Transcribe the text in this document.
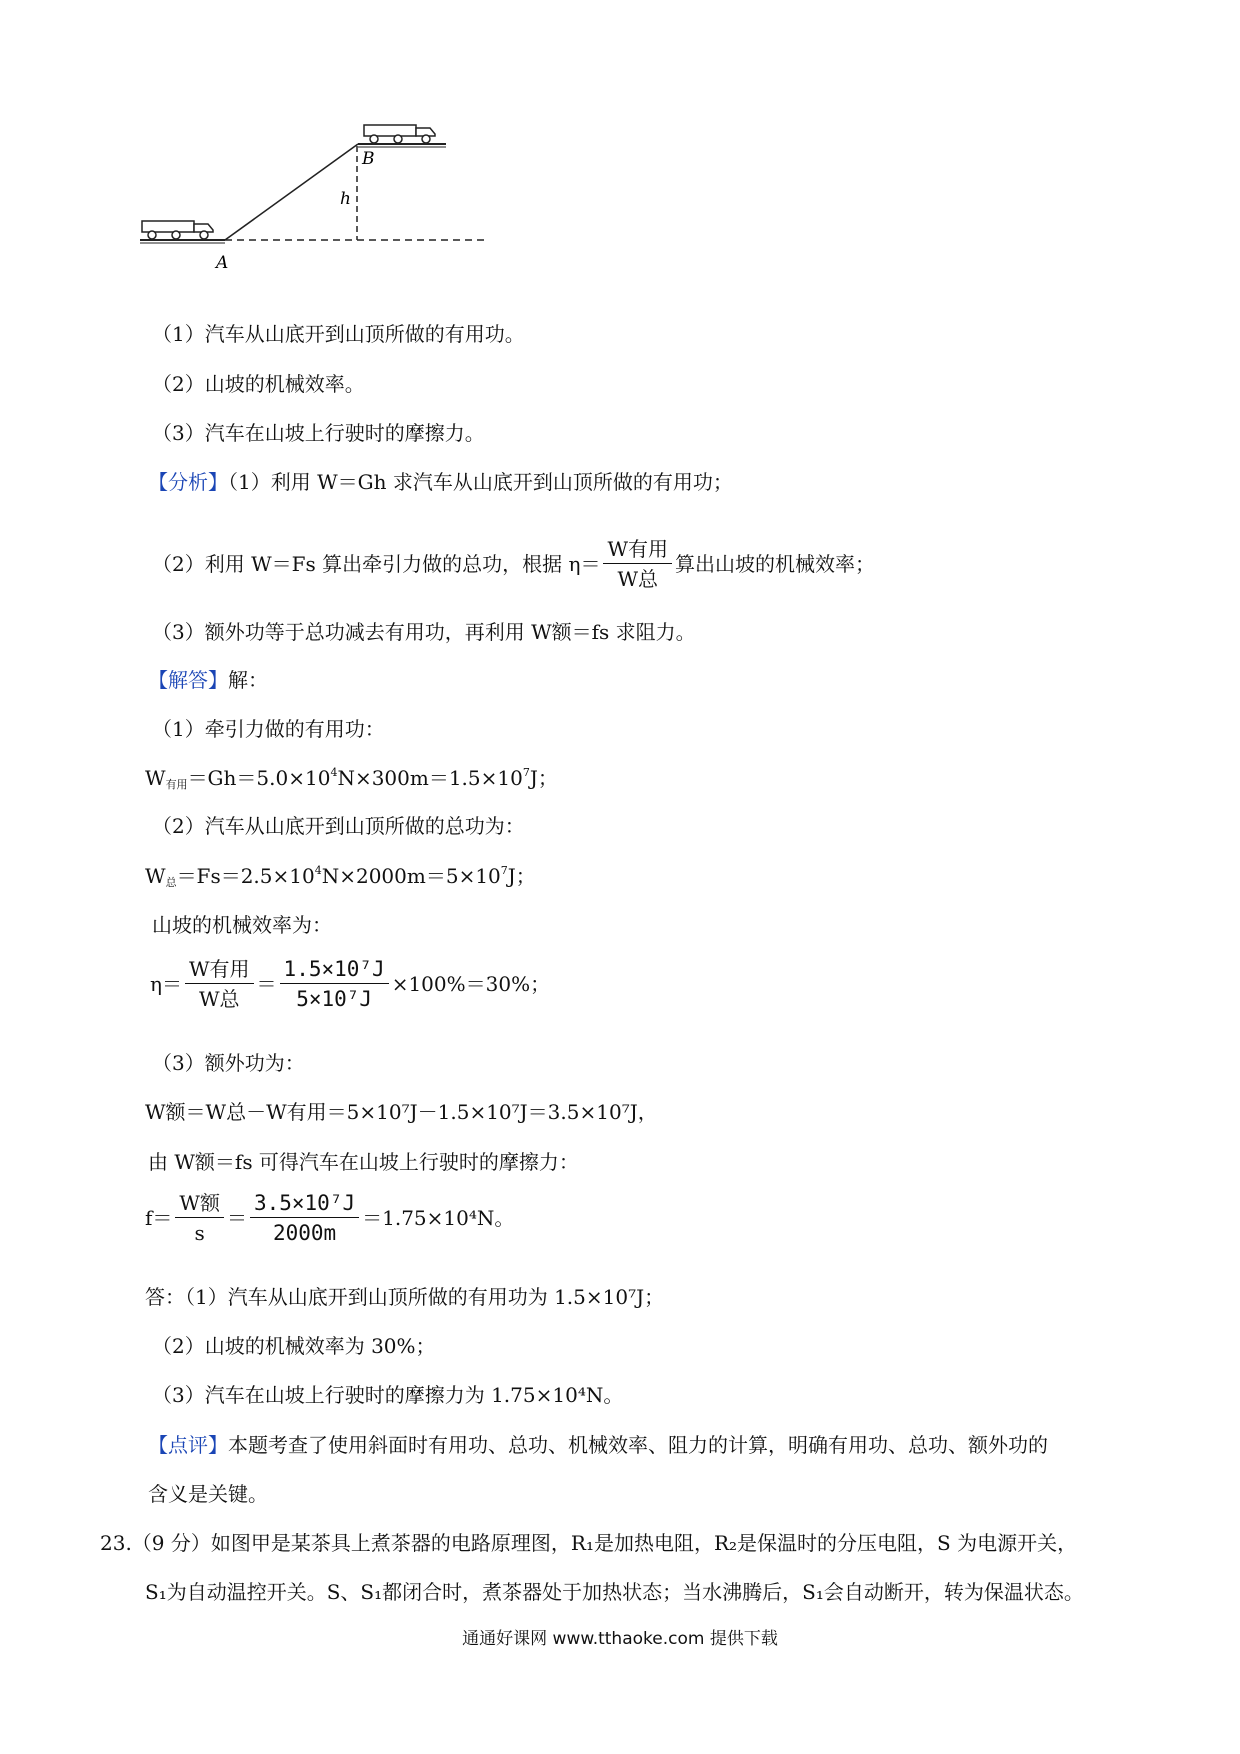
A
B
h
（1）汽车从山底开到山顶所做的有用功。
（2）山坡的机械效率。
（3）汽车在山坡上行驶时的摩擦力。
【分析】（1）利用 W＝Gh 求汽车从山底开到山顶所做的有用功；
（2）利用 W＝Fs 算出牵引力做的总功，根据 $\eta= \frac{\text{W有用}}{\text{W总}}$ 算出山坡的机械效率；
（3）额外功等于总功减去有用功，再利用 W额＝fs 求阻力。
【解答】解：
（1）牵引力做的有用功：
$W_{有用}=Gh=5.0\times 10^4N\times 300m=1.5\times 10^7J$；
（2）汽车从山底开到山顶所做的总功为：
$W_总=Fs=2.5\times 10^4N\times 2000m=5\times 10^7J$；
山坡的机械效率为：
$\eta= \frac{\text{W有用}}{\text{W总}} = \frac{\text{1.5×10⁷J}}{\text{5×10⁷J}} \times 100\%=30\%$；
（3）额外功为：
W额＝W总－W有用＝5×10⁷J－1.5×10⁷J＝3.5×10⁷J，
由 W额＝fs 可得汽车在山坡上行驶时的摩擦力：
$f= \frac{\text{W额}}{s} = \frac{\text{3.5×10⁷J}}{2000m} =1.75\times 10^4N$。
答：（1）汽车从山底开到山顶所做的有用功为 1.5×10⁷J；
（2）山坡的机械效率为 30%；
（3）汽车在山坡上行驶时的摩擦力为 1.75×10⁴N。
【点评】本题考查了使用斜面时有用功、总功、机械效率、阻力的计算，明确有用功、总功、额外功的
含义是关键。
23.（9 分）如图甲是某茶具上煮茶器的电路原理图，R₁是加热电阻，R₂是保温时的分压电阻，S 为电源开关，
S₁为自动温控开关。S、S₁都闭合时，煮茶器处于加热状态；当水沸腾后，S₁会自动断开，转为保温状态。
通通好课网 www.tthaoke.com 提供下载
